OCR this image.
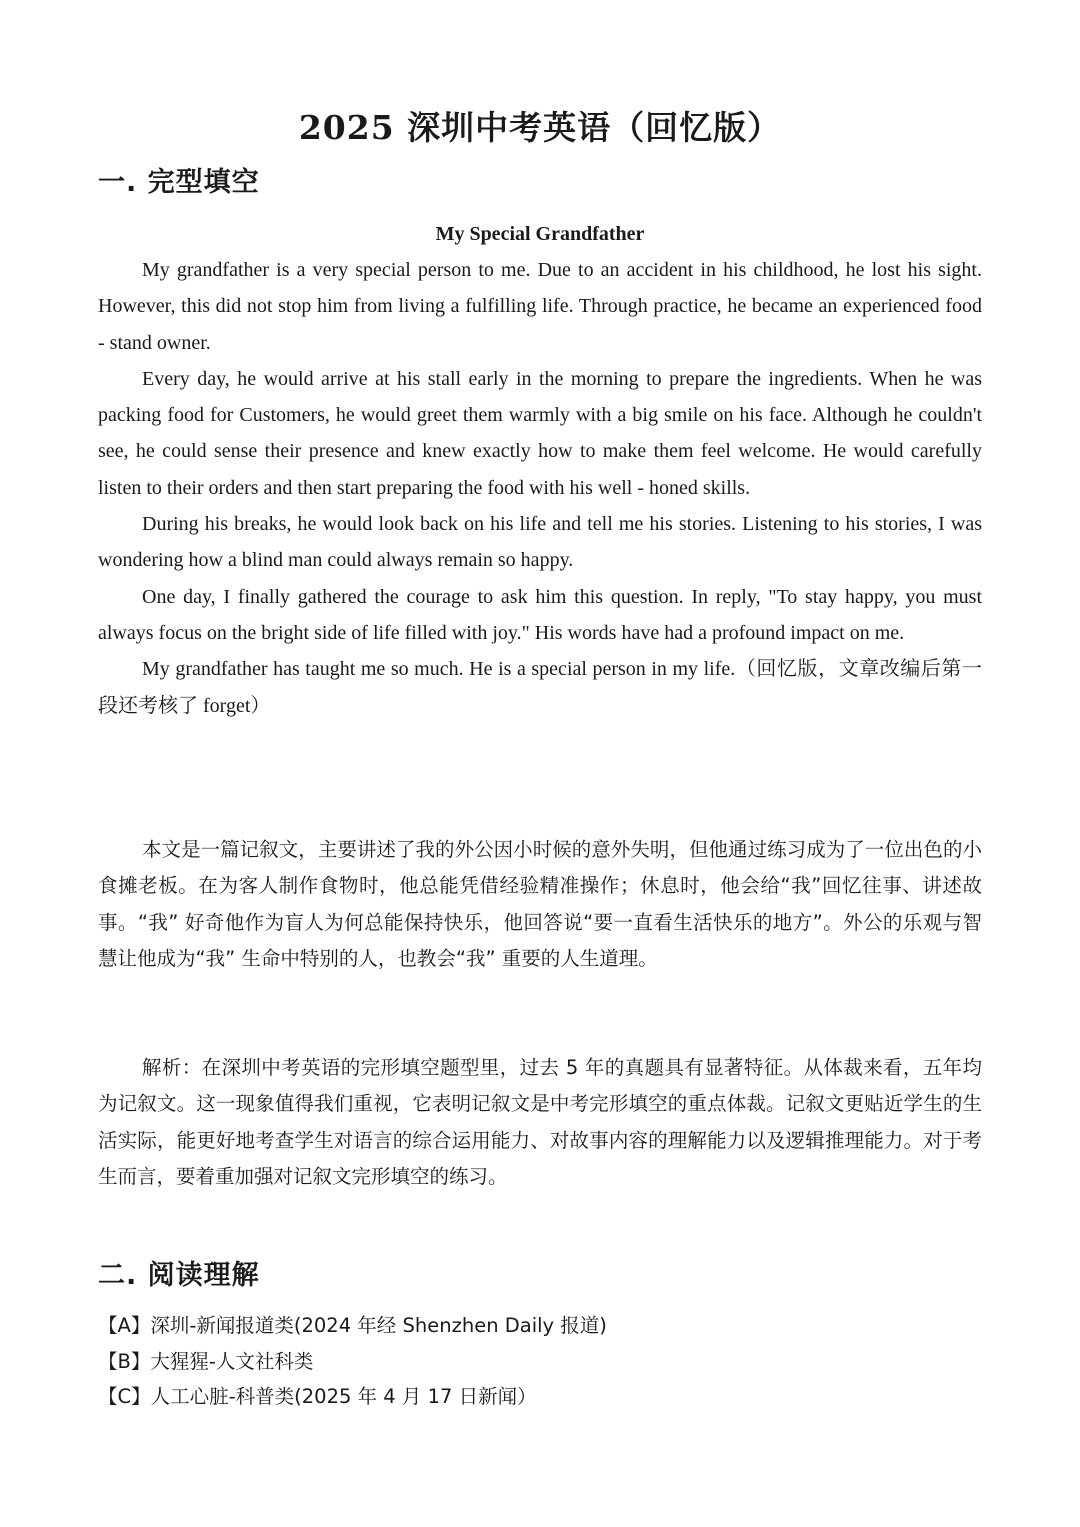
2025 深圳中考英语（回忆版）
一. 完型填空
My Special Grandfather

My grandfather is a very special person to me. Due to an accident in his childhood, he lost his sight. However, this did not stop him from living a fulfilling life. Through practice, he became an experienced food - stand owner.

Every day, he would arrive at his stall early in the morning to prepare the ingredients. When he was packing food for Customers, he would greet them warmly with a big smile on his face. Although he couldn't see, he could sense their presence and knew exactly how to make them feel welcome. He would carefully listen to their orders and then start preparing the food with his well - honed skills.

During his breaks, he would look back on his life and tell me his stories. Listening to his stories, I was wondering how a blind man could always remain so happy.

One day, I finally gathered the courage to ask him this question. In reply, "To stay happy, you must always focus on the bright side of life filled with joy." His words have had a profound impact on me.

My grandfather has taught me so much. He is a special person in my life.（回忆版，文章改编后第一段还考核了 forget）

本文是一篇记叙文，主要讲述了我的外公因小时候的意外失明，但他通过练习成为了一位出色的小食摊老板。在为客人制作食物时，他总能凭借经验精准操作；休息时，他会给“我”回忆往事、讲述故事。“我” 好奇他作为盲人为何总能保持快乐，他回答说“要一直看生活快乐的地方”。外公的乐观与智慧让他成为“我” 生命中特别的人，也教会“我” 重要的人生道理。

解析：在深圳中考英语的完形填空题型里，过去 5 年的真题具有显著特征。从体裁来看，五年均为记叙文。这一现象值得我们重视，它表明记叙文是中考完形填空的重点体裁。记叙文更贴近学生的生活实际，能更好地考查学生对语言的综合运用能力、对故事内容的理解能力以及逻辑推理能力。对于考生而言，要着重加强对记叙文完形填空的练习。

二. 阅读理解
【A】深圳-新闻报道类(2024 年经 Shenzhen Daily 报道)
【B】大猩猩-人文社科类
【C】人工心脏-科普类(2025 年 4 月 17 日新闻）
